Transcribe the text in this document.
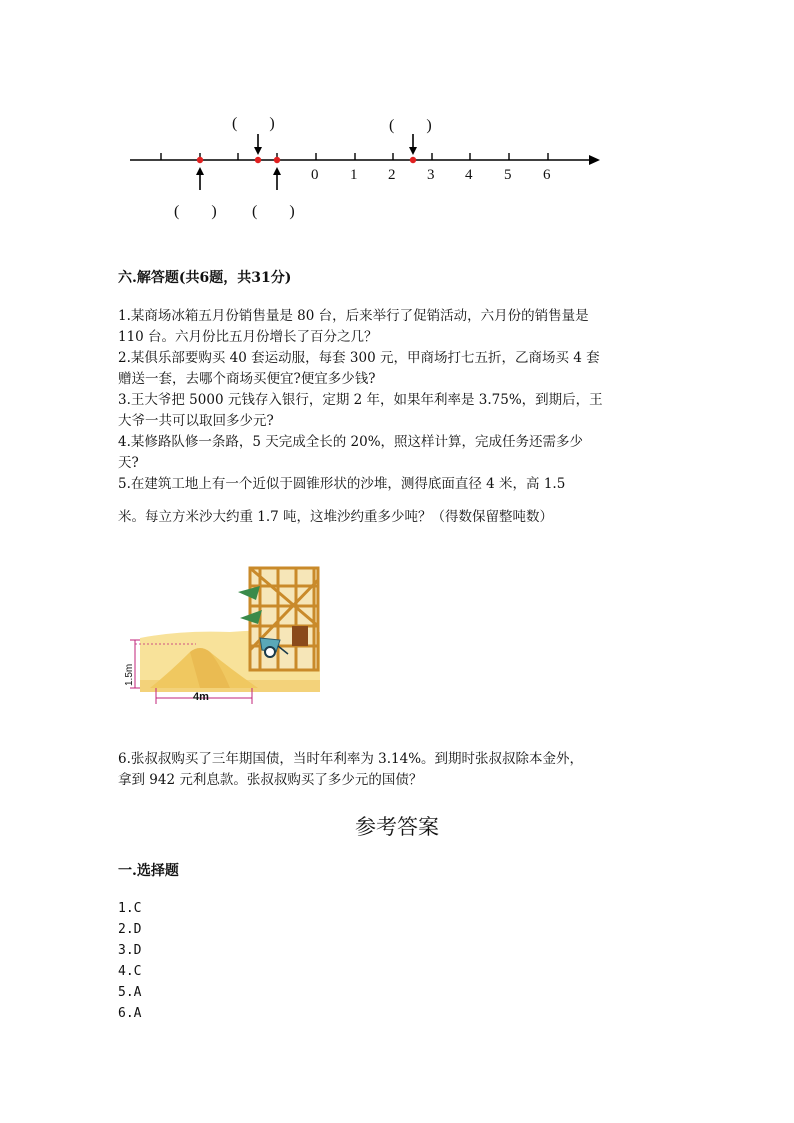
0 1 2 3 4 5 6
(　　)	(　　)
(　　) (　　)
六.解答题(共6题，共31分)
1.某商场冰箱五月份销售量是 80 台，后来举行了促销活动，六月份的销售量是
110 台。六月份比五月份增长了百分之几？
2.某俱乐部要购买 40 套运动服，每套 300 元，甲商场打七五折，乙商场买 4 套
赠送一套，去哪个商场买便宜?便宜多少钱?
3.王大爷把 5000 元钱存入银行，定期 2 年，如果年利率是 3.75%，到期后，王
大爷一共可以取回多少元?
4.某修路队修一条路，5 天完成全长的 20%，照这样计算，完成任务还需多少
天?
5.在建筑工地上有一个近似于圆锥形状的沙堆，测得底面直径 4 米，高 1.5
米。每立方米沙大约重 1.7 吨，这堆沙约重多少吨？（得数保留整吨数）
1.5m
4m
6.张叔叔购买了三年期国债，当时年利率为 3.14%。到期时张叔叔除本金外，
拿到 942 元利息款。张叔叔购买了多少元的国债？
参考答案
一.选择题
1.C
2.D
3.D
4.C
5.A
6.A
